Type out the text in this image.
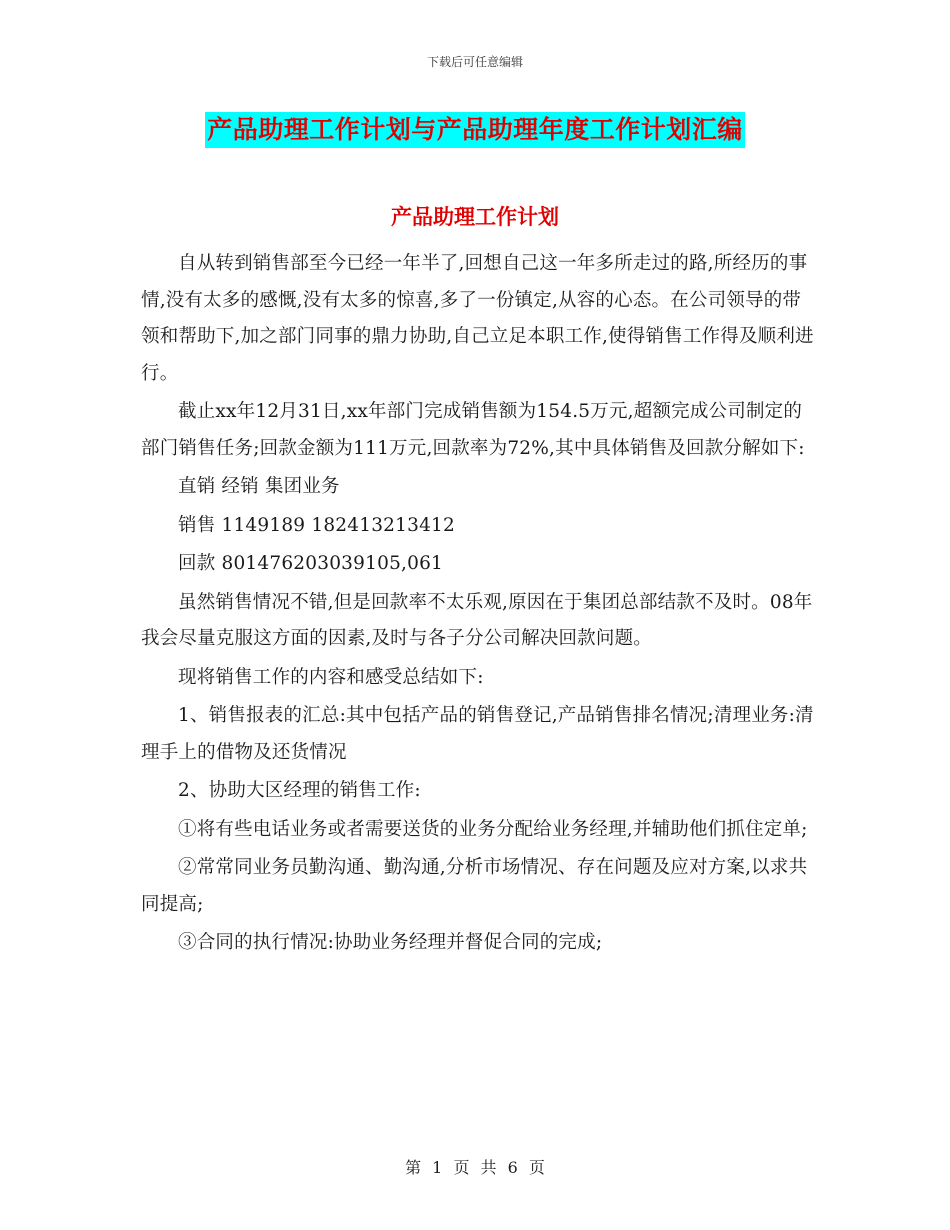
下载后可任意编辑
产品助理工作计划与产品助理年度工作计划汇编
产品助理工作计划

自从转到销售部至今已经一年半了,回想自己这一年多所走过的路,所经历的事情,没有太多的感慨,没有太多的惊喜,多了一份镇定,从容的心态。在公司领导的带领和帮助下,加之部门同事的鼎力协助,自己立足本职工作,使得销售工作得及顺利进行。

截止xx年12月31日,xx年部门完成销售额为154.5万元,超额完成公司制定的部门销售任务;回款金额为111万元,回款率为72%,其中具体销售及回款分解如下:

直销 经销 集团业务

销售 1149189 182413213412

回款 801476203039105,061

虽然销售情况不错,但是回款率不太乐观,原因在于集团总部结款不及时。08年我会尽量克服这方面的因素,及时与各子分公司解决回款问题。

现将销售工作的内容和感受总结如下:

1、销售报表的汇总:其中包括产品的销售登记,产品销售排名情况;清理业务:清理手上的借物及还货情况

2、协助大区经理的销售工作:

①将有些电话业务或者需要送货的业务分配给业务经理,并辅助他们抓住定单;

②常常同业务员勤沟通、勤沟通,分析市场情况、存在问题及应对方案,以求共 同提高;

③合同的执行情况:协助业务经理并督促合同的完成;

第 1 页 共 6 页
